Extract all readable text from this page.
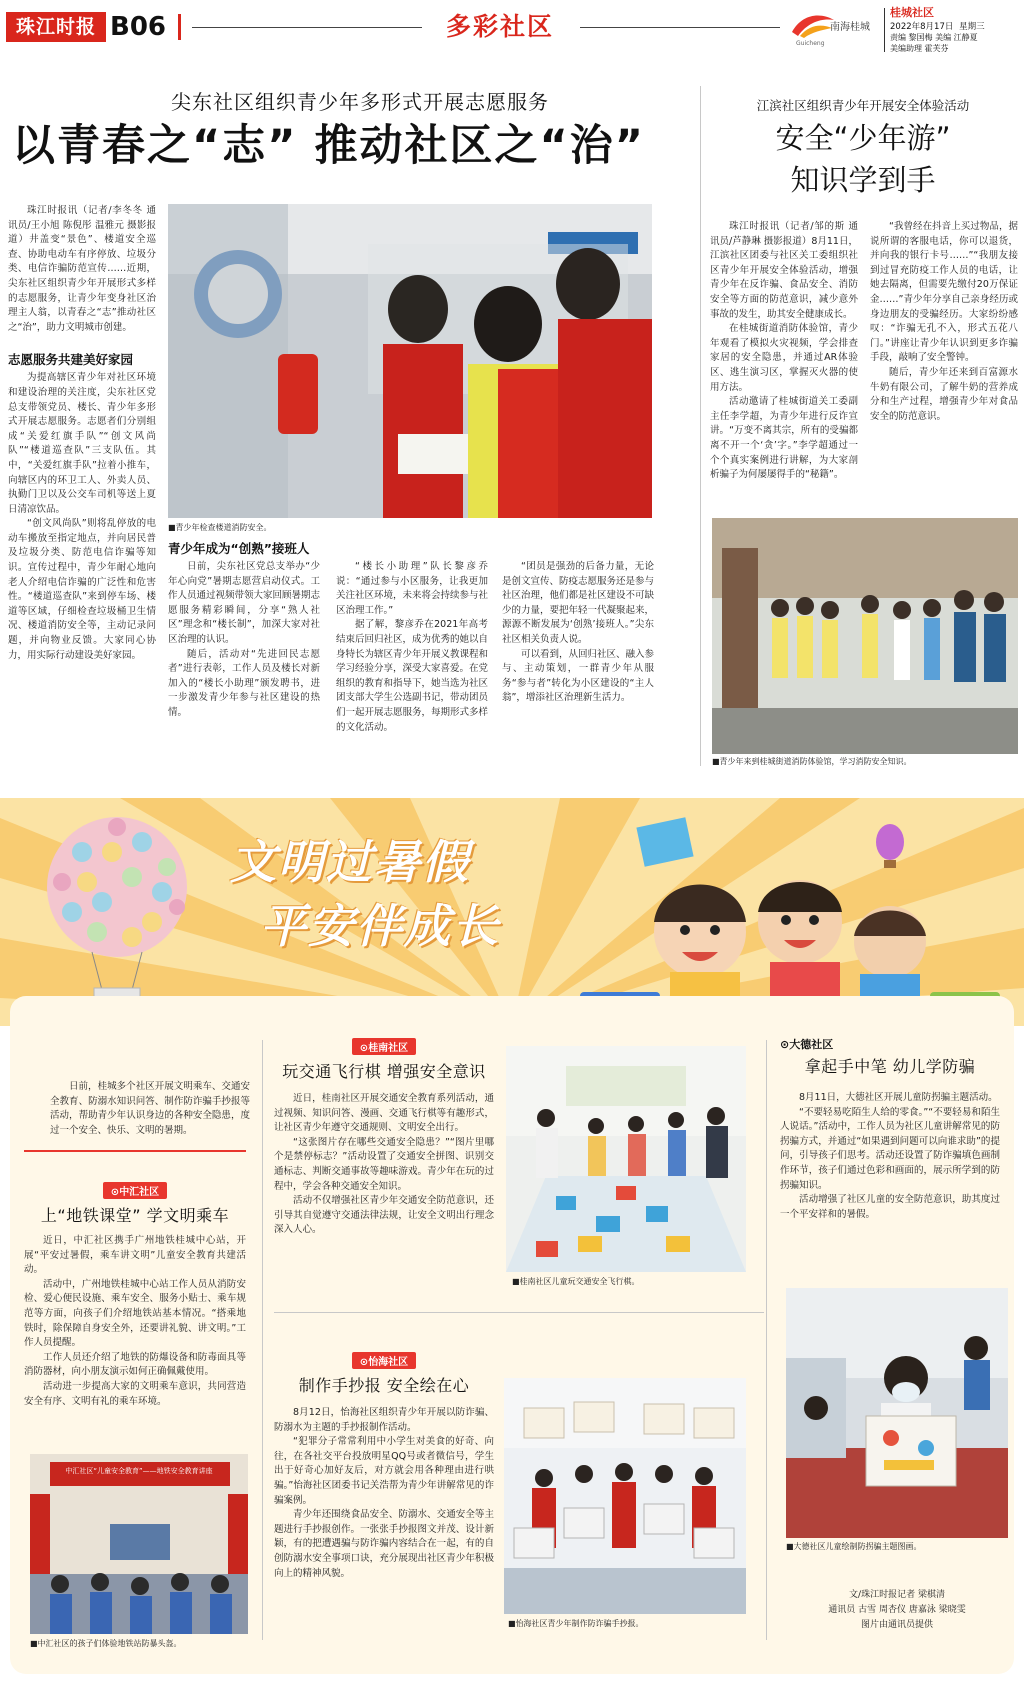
珠江时报 B06	多彩社区	南海桂城
Guicheng
桂城社区
2022年8月17日 星期三
责编 黎国梅 美编 江静夏
美编助理 霍芙芬
尖东社区组织青少年多形式开展志愿服务
以青春之“志” 推动社区之“治”

珠江时报讯（记者/李冬冬 通讯员/王小旭 陈倪彤 温雅元 摄影报道）井盖变“景色”、楼道安全巡查、协助电动车有序停放、垃圾分类、电信诈骗防范宣传……近期，尖东社区组织青少年开展形式多样的志愿服务，让青少年变身社区治理主人翁，以青春之“志”推动社区之“治”，助力文明城市创建。

志愿服务共建美好家园

为提高辖区青少年对社区环境和建设治理的关注度，尖东社区党总支带领党员、楼长、青少年多形式开展志愿服务。志愿者们分别组成“关爱红旗手队”“创文风尚队”“楼道巡查队”三支队伍。其中，“关爱红旗手队”拉着小推车，向辖区内的环卫工人、外卖人员、执勤门卫以及公交车司机等送上夏日清凉饮品。

“创文风尚队”则将乱停放的电动车搬放至指定地点，并向居民普及垃圾分类、防范电信诈骗等知识。宣传过程中，青少年耐心地向老人介绍电信诈骗的广泛性和危害性。“楼道巡查队”来到停车场、楼道等区域，仔细检查垃圾桶卫生情况、楼道消防安全等，主动记录问题，并向物业反馈。大家同心协力，用实际行动建设美好家园。

■青少年检查楼道消防安全。
青少年成为“创熟”接班人

日前，尖东社区党总支举办“少年心向党”暑期志愿营启动仪式。工作人员通过视频带领大家回顾暑期志愿服务精彩瞬间，分享“熟人社区”理念和“楼长制”，加深大家对社区治理的认识。

随后，活动对“先进回民志愿者”进行表彰，工作人员及楼长对新加入的“楼长小助理”颁发聘书，进一步激发青少年参与社区建设的热情。

“楼长小助理”队长黎彦乔说：“通过参与小区服务，让我更加关注社区环境，未来将会持续参与社区治理工作。”

据了解，黎彦乔在2021年高考结束后回归社区，成为优秀的她以自身特长为辖区青少年开展义教课程和学习经验分享，深受大家喜爱。在党组织的教育和指导下，她当选为社区团支部大学生公选副书记，带动团员们一起开展志愿服务，每期形式多样的文化活动。

“团员是强劲的后备力量，无论是创文宣传、防疫志愿服务还是参与社区治理，他们都是社区建设不可缺少的力量，要把年轻一代凝聚起来，源源不断发展为‘创熟’接班人。”尖东社区相关负责人说。

可以看到，从回归社区、融入参与、主动策划，一群青少年从服务“参与者”转化为小区建设的“主人翁”，增添社区治理新生活力。

江滨社区组织青少年开展安全体验活动
安全“少年游”
知识学到手

珠江时报讯（记者/邹的斯 通讯员/芦静琳 摄影报道）8月11日，江滨社区团委与社区关工委组织社区青少年开展安全体验活动，增强青少年在反诈骗、食品安全、消防安全等方面的防范意识，减少意外事故的发生，助其安全健康成长。

在桂城街道消防体验馆，青少年观看了模拟火灾视频，学会排查家居的安全隐患，并通过AR体验区、逃生演习区，掌握灭火器的使用方法。

活动邀请了桂城街道关工委副主任李学超，为青少年进行反诈宣讲。“万变不离其宗，所有的受骗都离不开一个‘贪’字。”李学超通过一个个真实案例进行讲解，为大家剖析骗子为何屡屡得手的“秘籍”。

“我曾经在抖音上买过物品，据说所谓的客服电话，你可以退货，并向我的银行卡号……”“我朋友接到过冒充防疫工作人员的电话，让她去隔离，但需要先缴付20万保证金……”青少年分享自己亲身经历或身边朋友的受骗经历。大家纷纷感叹：“诈骗无孔不入，形式五花八门。”讲座让青少年认识到更多诈骗手段，敲响了安全警钟。

随后，青少年还来到百富源水牛奶有限公司，了解牛奶的营养成分和生产过程，增强青少年对食品安全的防范意识。

■青少年来到桂城街道消防体验馆，学习消防安全知识。
文明过暑假
平安伴成长

日前，桂城多个社区开展文明乘车、交通安全教育、防溺水知识问答、制作防诈骗手抄报等活动，帮助青少年认识身边的各种安全隐患，度过一个安全、快乐、文明的暑期。

⊙中汇社区
上“地铁课堂” 学文明乘车

近日，中汇社区携手广州地铁桂城中心站，开展“平安过暑假，乘车讲文明”儿童安全教育共建活动。

活动中，广州地铁桂城中心站工作人员从消防安检、爱心便民设施、乘车安全、服务小贴士、乘车规范等方面，向孩子们介绍地铁站基本情况。“搭乘地铁时，除保障自身安全外，还要讲礼貌、讲文明。”工作人员提醒。

工作人员还介绍了地铁的防爆设备和防毒面具等消防器材，向小朋友演示如何正确佩戴使用。

活动进一步提高大家的文明乘车意识，共同营造安全有序、文明有礼的乘车环境。

中汇社区“儿童安全教育”——地铁安全教育讲座
■中汇社区的孩子们体验地铁站防暴头盔。
⊙桂南社区
玩交通飞行棋 增强安全意识

近日，桂南社区开展交通安全教育系列活动，通过视频、知识问答、漫画、交通飞行棋等有趣形式，让社区青少年遵守交通规则、文明安全出行。

“这张图片存在哪些交通安全隐患？”“图片里哪个是禁停标志？”活动设置了交通安全拼图、识别交通标志、判断交通事故等趣味游戏。青少年在玩的过程中，学会各种交通安全知识。

活动不仅增强社区青少年交通安全防范意识，还引导其自觉遵守交通法律法规，让安全文明出行理念深入人心。

■桂南社区儿童玩交通安全飞行棋。
⊙怡海社区
制作手抄报 安全绘在心

8月12日，怡海社区组织青少年开展以防诈骗、防溺水为主题的手抄报制作活动。

“犯罪分子常常利用中小学生对美食的好奇、向往，在各社交平台投放明星QQ号或者微信号，学生出于好奇心加好友后，对方就会用各种理由进行哄骗。”怡海社区团委书记关浩帮为青少年讲解常见的诈骗案例。

青少年还围绕食品安全、防溺水、交通安全等主题进行手抄报创作。一张张手抄报图文并茂、设计新颖，有的把遭遇骗与防诈骗内容结合在一起，有的自创防溺水安全事项口诀，充分展现出社区青少年积极向上的精神风貌。

■怡海社区青少年制作防诈骗手抄报。
⊙大德社区
拿起手中笔 幼儿学防骗

8月11日，大德社区开展儿童防拐骗主题活动。

“不要轻易吃陌生人给的零食。”“不要轻易和陌生人说话。”活动中，工作人员为社区儿童讲解常见的防拐骗方式，并通过“如果遇到问题可以向谁求助”的提问，引导孩子们思考。活动还设置了防诈骗填色画制作环节，孩子们通过色彩和画面的，展示所学到的防拐骗知识。

活动增强了社区儿童的安全防范意识，助其度过一个平安祥和的暑假。

■大德社区儿童绘制防拐骗主题图画。
文/珠江时报记者 梁棋清
通讯员 古雪 周杏仪 唐嘉泳 梁晓雯
图片由通讯员提供
